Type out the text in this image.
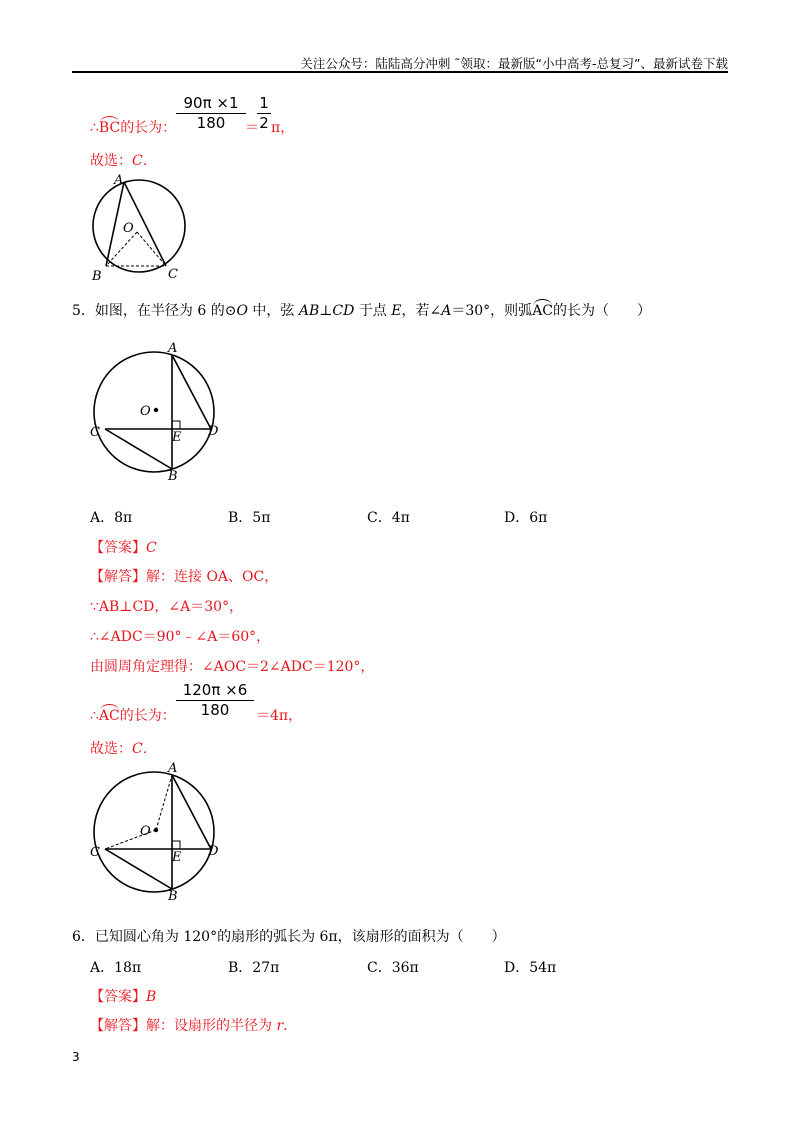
关注公众号：陆陆高分冲刺 ˜领取：最新版“小中高考-总复习”、最新试卷下载
∴BC的长为：
90π ×1
180	＝
1
2 π，
故选：C．
A
O
B	C
5．如图，在半径为 6 的⊙O 中，弦 AB⊥CD 于点 E，若∠A＝30°，则弧AC的长为（　　）
A
O
C	E D
B
A．8π	B．5π	C．4π	D．6π
【答案】C
【解答】解：连接 OA、OC，
∵AB⊥CD，∠A＝30°，
∴∠ADC＝90°﹣∠A＝60°，
由圆周角定理得：∠AOC＝2∠ADC＝120°，
∴AC的长为：
120π ×6
180	＝4π，
故选：C．
A
O
C	E D
B
6．已知圆心角为 120°的扇形的弧长为 6π，该扇形的面积为（　　）
A．18π	B．27π	C．36π	D．54π
【答案】B
【解答】解：设扇形的半径为 r．
3
